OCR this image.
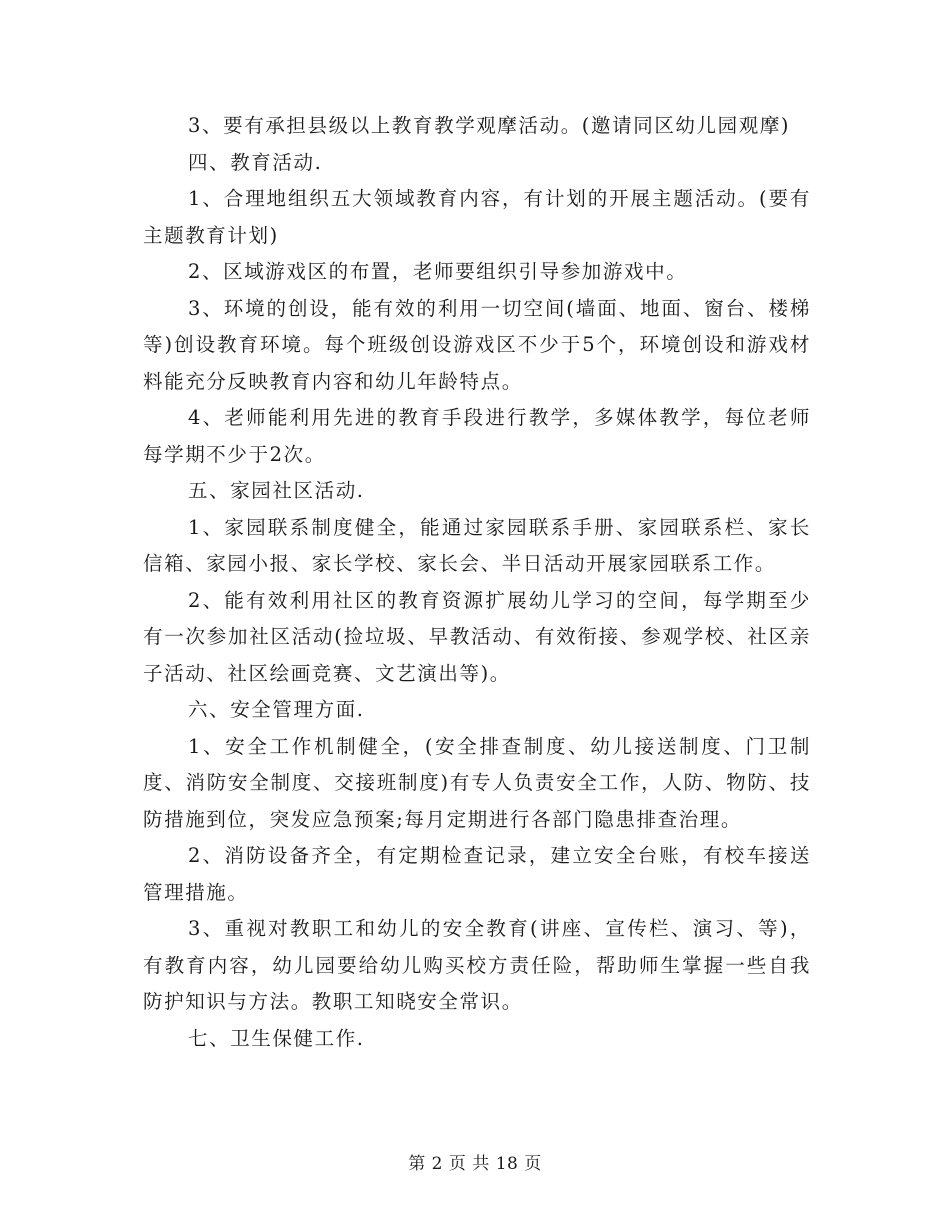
3、要有承担县级以上教育教学观摩活动。(邀请同区幼儿园观摩)

四、教育活动.

1、合理地组织五大领域教育内容，有计划的开展主题活动。(要有主题教育计划)

2、区域游戏区的布置，老师要组织引导参加游戏中。

3、环境的创设，能有效的利用一切空间(墙面、地面、窗台、楼梯等)创设教育环境。每个班级创设游戏区不少于5个，环境创设和游戏材料能充分反映教育内容和幼儿年龄特点。

4、老师能利用先进的教育手段进行教学，多媒体教学，每位老师每学期不少于2次。

五、家园社区活动.

1、家园联系制度健全，能通过家园联系手册、家园联系栏、家长信箱、家园小报、家长学校、家长会、半日活动开展家园联系工作。

2、能有效利用社区的教育资源扩展幼儿学习的空间，每学期至少有一次参加社区活动(捡垃圾、早教活动、有效衔接、参观学校、社区亲子活动、社区绘画竞赛、文艺演出等)。

六、安全管理方面.

1、安全工作机制健全，(安全排查制度、幼儿接送制度、门卫制度、消防安全制度、交接班制度)有专人负责安全工作，人防、物防、技防措施到位，突发应急预案;每月定期进行各部门隐患排查治理。

2、消防设备齐全，有定期检查记录，建立安全台账，有校车接送管理措施。

3、重视对教职工和幼儿的安全教育(讲座、宣传栏、演习、等)，有教育内容，幼儿园要给幼儿购买校方责任险，帮助师生掌握一些自我防护知识与方法。教职工知晓安全常识。

七、卫生保健工作.

第 2 页 共 18 页
